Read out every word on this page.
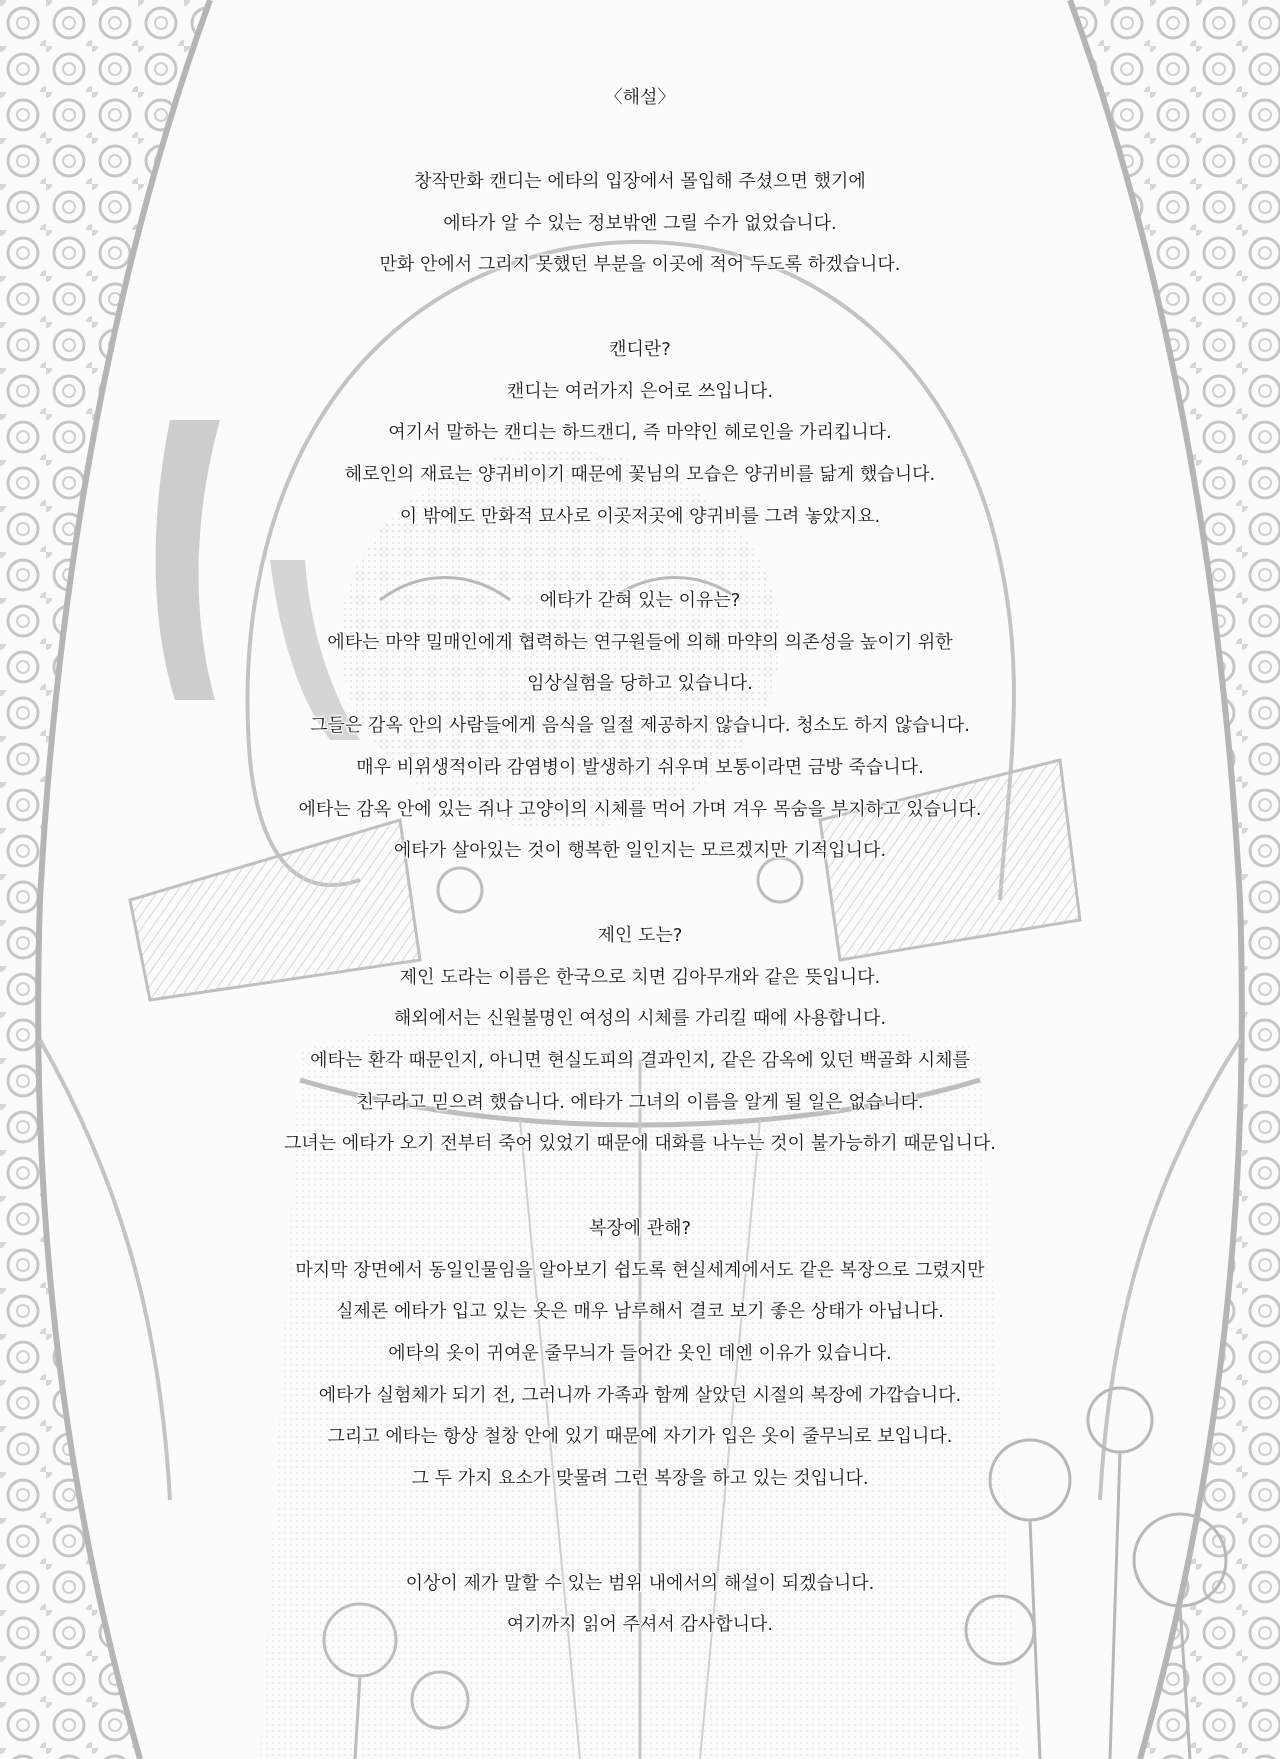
〈해설〉
창작만화 캔디는 에타의 입장에서 몰입해 주셨으면 했기에
에타가 알 수 있는 정보밖엔 그릴 수가 없었습니다.
만화 안에서 그리지 못했던 부분을 이곳에 적어 두도록 하겠습니다.
캔디란?
캔디는 여러가지 은어로 쓰입니다.
여기서 말하는 캔디는 하드캔디, 즉 마약인 헤로인을 가리킵니다.
헤로인의 재료는 양귀비이기 때문에 꽃님의 모습은 양귀비를 닮게 했습니다.
이 밖에도 만화적 묘사로 이곳저곳에 양귀비를 그려 놓았지요.
에타가 갇혀 있는 이유는?
에타는 마약 밀매인에게 협력하는 연구원들에 의해 마약의 의존성을 높이기 위한
임상실험을 당하고 있습니다.
그들은 감옥 안의 사람들에게 음식을 일절 제공하지 않습니다. 청소도 하지 않습니다.
매우 비위생적이라 감염병이 발생하기 쉬우며 보통이라면 금방 죽습니다.
에타는 감옥 안에 있는 쥐나 고양이의 시체를 먹어 가며 겨우 목숨을 부지하고 있습니다.
에타가 살아있는 것이 행복한 일인지는 모르겠지만 기적입니다.
제인 도는?
제인 도라는 이름은 한국으로 치면 김아무개와 같은 뜻입니다.
해외에서는 신원불명인 여성의 시체를 가리킬 때에 사용합니다.
에타는 환각 때문인지, 아니면 현실도피의 결과인지, 같은 감옥에 있던 백골화 시체를
친구라고 믿으려 했습니다. 에타가 그녀의 이름을 알게 될 일은 없습니다.
그녀는 에타가 오기 전부터 죽어 있었기 때문에 대화를 나누는 것이 불가능하기 때문입니다.
복장에 관해?
마지막 장면에서 동일인물임을 알아보기 쉽도록 현실세계에서도 같은 복장으로 그렸지만
실제론 에타가 입고 있는 옷은 매우 남루해서 결코 보기 좋은 상태가 아닙니다.
에타의 옷이 귀여운 줄무늬가 들어간 옷인 데엔 이유가 있습니다.
에타가 실험체가 되기 전, 그러니까 가족과 함께 살았던 시절의 복장에 가깝습니다.
그리고 에타는 항상 철창 안에 있기 때문에 자기가 입은 옷이 줄무늬로 보입니다.
그 두 가지 요소가 맞물려 그런 복장을 하고 있는 것입니다.
이상이 제가 말할 수 있는 범위 내에서의 해설이 되겠습니다.
여기까지 읽어 주셔서 감사합니다.
